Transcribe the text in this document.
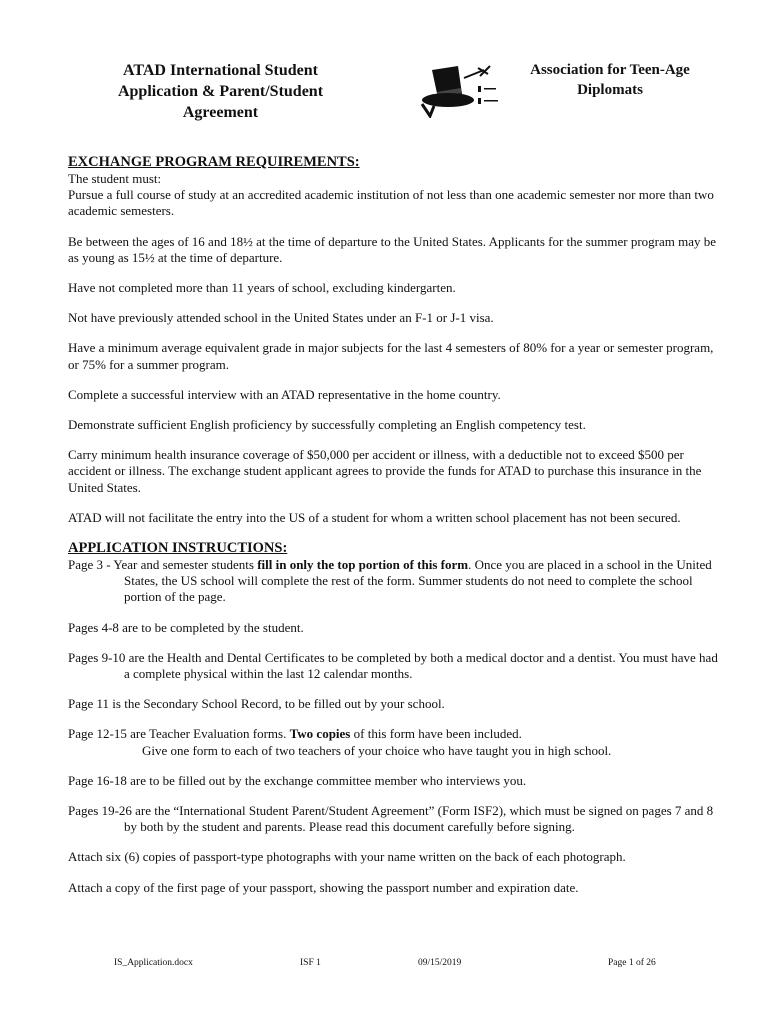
ATAD International Student
Application & Parent/Student
Agreement
Association for Teen-Age
Diplomats

EXCHANGE PROGRAM REQUIREMENTS:

The student must:

Pursue a full course of study at an accredited academic institution of not less than one academic semester nor more than two academic semesters.

Be between the ages of 16 and 18½ at the time of departure to the United States. Applicants for the summer program may be as young as 15½ at the time of departure.

Have not completed more than 11 years of school, excluding kindergarten.

Not have previously attended school in the United States under an F-1 or J-1 visa.

Have a minimum average equivalent grade in major subjects for the last 4 semesters of 80% for a year or semester program, or 75% for a summer program.

Complete a successful interview with an ATAD representative in the home country.

Demonstrate sufficient English proficiency by successfully completing an English competency test.

Carry minimum health insurance coverage of $50,000 per accident or illness, with a deductible not to exceed $500 per accident or illness. The exchange student applicant agrees to provide the funds for ATAD to purchase this insurance in the United States.

ATAD will not facilitate the entry into the US of a student for whom a written school placement has not been secured.

APPLICATION INSTRUCTIONS:

Page 3 - Year and semester students fill in only the top portion of this form. Once you are placed in a school in the United States, the US school will complete the rest of the form. Summer students do not need to complete the school portion of the page.

Pages 4-8 are to be completed by the student.

Pages 9-10 are the Health and Dental Certificates to be completed by both a medical doctor and a dentist. You must have had a complete physical within the last 12 calendar months.

Page 11 is the Secondary School Record, to be filled out by your school.

Page 12-15 are Teacher Evaluation forms. Two copies of this form have been included.

Give one form to each of two teachers of your choice who have taught you in high school.

Page 16-18 are to be filled out by the exchange committee member who interviews you.

Pages 19-26 are the “International Student Parent/Student Agreement” (Form ISF2), which must be signed on pages 7 and 8 by both by the student and parents. Please read this document carefully before signing.

Attach six (6) copies of passport-type photographs with your name written on the back of each photograph.

Attach a copy of the first page of your passport, showing the passport number and expiration date.

IS_Application.docx	ISF 1	09/15/2019	Page 1 of 26
